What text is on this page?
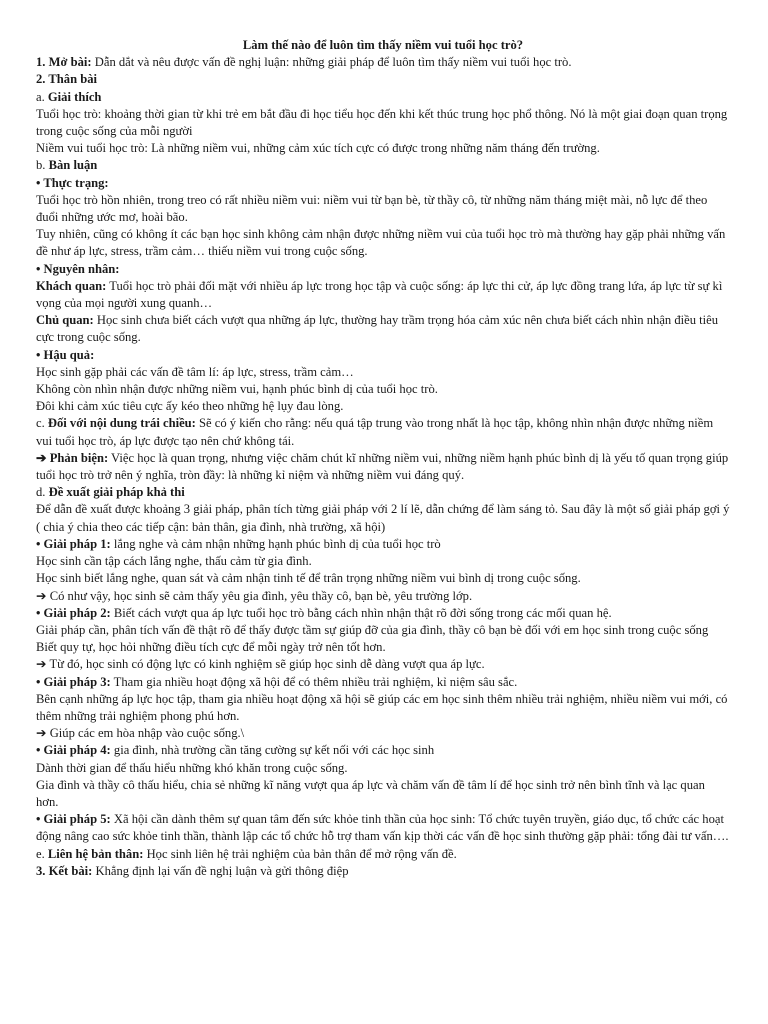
Làm thế nào để luôn tìm thấy niềm vui tuổi học trò?

1. Mở bài: Dẫn dắt và nêu được vấn đề nghị luận: những giải pháp để luôn tìm thấy niềm vui tuổi học trò.

2. Thân bài

a. Giải thích

Tuổi học trò: khoảng thời gian từ khi trẻ em bắt đầu đi học tiểu học đến khi kết thúc trung học phổ thông. Nó là một giai đoạn quan trọng trong cuộc sống của mỗi người

Niềm vui tuổi học trò: Là những niềm vui, những cảm xúc tích cực có được trong những năm tháng đến trường.

b. Bàn luận

• Thực trạng:

Tuổi học trò hồn nhiên, trong treo có rất nhiều niềm vui: niềm vui từ bạn bè, từ thầy cô, từ những năm tháng miệt mài, nỗ lực để theo đuổi những ước mơ, hoài bão.

Tuy nhiên, cũng có không ít các bạn học sinh không cảm nhận được những niềm vui của tuổi học trò mà thường hay gặp phải những vấn đề như áp lực, stress, trầm cảm… thiếu niềm vui trong cuộc sống.

• Nguyên nhân:

Khách quan: Tuổi học trò phải đối mặt với nhiều áp lực trong học tập và cuộc sống: áp lực thi cử, áp lực đồng trang lứa, áp lực từ sự kì vọng của mọi người xung quanh…

Chủ quan: Học sinh chưa biết cách vượt qua những áp lực, thường hay trầm trọng hóa cảm xúc nên chưa biết cách nhìn nhận điều tiêu cực trong cuộc sống.

• Hậu quả:

Học sinh gặp phải các vấn đề tâm lí: áp lực, stress, trầm cảm…

Không còn nhìn nhận được những niềm vui, hạnh phúc bình dị của tuổi học trò.

Đôi khi cảm xúc tiêu cực ấy kéo theo những hệ lụy đau lòng.

c. Đối với nội dung trái chiều: Sẽ có ý kiến cho rằng: nếu quá tập trung vào trong nhất là học tập, không nhìn nhận được những niềm vui tuổi học trò, áp lực được tạo nên chứ không tái.

➔ Phản biện: Việc học là quan trọng, nhưng việc chăm chút kĩ những niềm vui, những niềm hạnh phúc bình dị là yếu tố quan trọng giúp tuổi học trò trở nên ý nghĩa, tròn đầy: là những kỉ niệm và những niềm vui đáng quý.

d. Đề xuất giải pháp khả thi

Để dẫn đề xuất được khoảng 3 giải pháp, phân tích từng giải pháp với 2 lí lẽ, dẫn chứng để làm sáng tỏ. Sau đây là một số giải pháp gợi ý ( chia ý chia theo các tiếp cận: bản thân, gia đình, nhà trường, xã hội)

• Giải pháp 1: lắng nghe và cảm nhận những hạnh phúc bình dị của tuổi học trò

Học sinh cần tập cách lắng nghe, thấu cảm từ gia đình.

Học sinh biết lắng nghe, quan sát và cảm nhận tinh tế để trân trọng những niềm vui bình dị trong cuộc sống.

➔ Có như vậy, học sinh sẽ cảm thấy yêu gia đình, yêu thầy cô, bạn bè, yêu trường lớp.

• Giải pháp 2: Biết cách vượt qua áp lực tuổi học trò bằng cách nhìn nhận thật rõ đời sống trong các mối quan hệ.

Giải pháp cần, phân tích vấn đề thật rõ để thấy được tầm sự giúp đỡ của gia đình, thầy cô bạn bè đối với em học sinh trong cuộc sống

Biết quy tự, học hỏi những điều tích cực để mỗi ngày trở nên tốt hơn.

➔ Từ đó, học sinh có động lực có kinh nghiệm sẽ giúp học sinh dễ dàng vượt qua áp lực.

• Giải pháp 3: Tham gia nhiều hoạt động xã hội để có thêm nhiều trải nghiệm, kỉ niệm sâu sắc.

Bên cạnh những áp lực học tập, tham gia nhiều hoạt động xã hội sẽ giúp các em học sinh thêm nhiều trải nghiệm, nhiều niềm vui mới, có thêm những trải nghiệm phong phú hơn.

➔ Giúp các em hòa nhập vào cuộc sống.\

• Giải pháp 4: gia đình, nhà trường cần tăng cường sự kết nối với các học sinh

Dành thời gian để thấu hiểu những khó khăn trong cuộc sống.

Gia đình và thầy cô thấu hiểu, chia sẻ những kĩ năng vượt qua áp lực và chăm vấn đề tâm lí để học sinh trở nên bình tĩnh và lạc quan hơn.

• Giải pháp 5: Xã hội cần dành thêm sự quan tâm đến sức khỏe tinh thần của học sinh: Tổ chức tuyên truyền, giáo dục, tổ chức các hoạt động nâng cao sức khỏe tinh thần, thành lập các tổ chức hỗ trợ tham vấn kịp thời các vấn đề học sinh thường gặp phải: tổng đài tư vấn….

e. Liên hệ bản thân: Học sinh liên hệ trải nghiệm của bản thân để mở rộng vấn đề.

3. Kết bài: Khẳng định lại vấn đề nghị luận và gửi thông điệp
